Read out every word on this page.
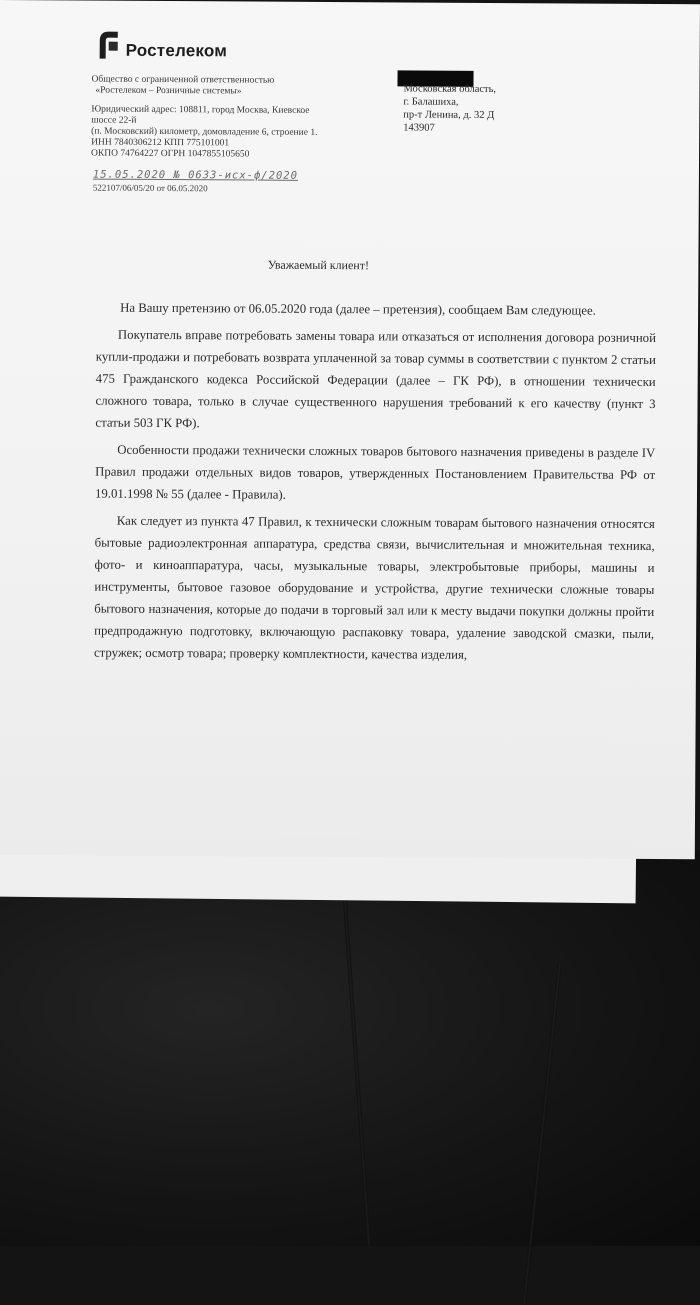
Ростелеком
Общество с ограниченной ответственностью
«Ростелеком – Розничные системы»
Юридический адрес: 108811, город Москва, Киевское
шоссе 22-й
(п. Московский) километр, домовладение 6, строение 1.
ИНН 7840306212 КПП 775101001
ОКПО 74764227 ОГРН 1047855105650
Московская область,
г. Балашиха,
пр-т Ленина, д. 32 Д
143907
15.05.2020 № 0633-исх-ф/2020
522107/06/05/20 от 06.05.2020
Уважаемый клиент!

На Вашу претензию от 06.05.2020 года (далее – претензия), сообщаем Вам следующее.

Покупатель вправе потребовать замены товара или отказаться от исполнения договора розничной купли-продажи и потребовать возврата уплаченной за товар суммы в соответствии с пунктом 2 статьи 475 Гражданского кодекса Российской Федерации (далее – ГК РФ), в отношении технически сложного товара, только в случае существенного нарушения требований к его качеству (пункт 3 статьи 503 ГК РФ).

Особенности продажи технически сложных товаров бытового назначения приведены в разделе IV Правил продажи отдельных видов товаров, утвержденных Постановлением Правительства РФ от 19.01.1998 № 55 (далее - Правила).

Как следует из пункта 47 Правил, к технически сложным товарам бытового назначения относятся бытовые радиоэлектронная аппаратура, средства связи, вычислительная и множительная техника, фото- и киноаппаратура, часы, музыкальные товары, электробытовые приборы, машины и инструменты, бытовое газовое оборудование и устройства, другие технически сложные товары бытового назначения, которые до подачи в торговый зал или к месту выдачи покупки должны пройти предпродажную подготовку, включающую распаковку товара, удаление заводской смазки, пыли, стружек; осмотр товара; проверку комплектности, качества изделия,
